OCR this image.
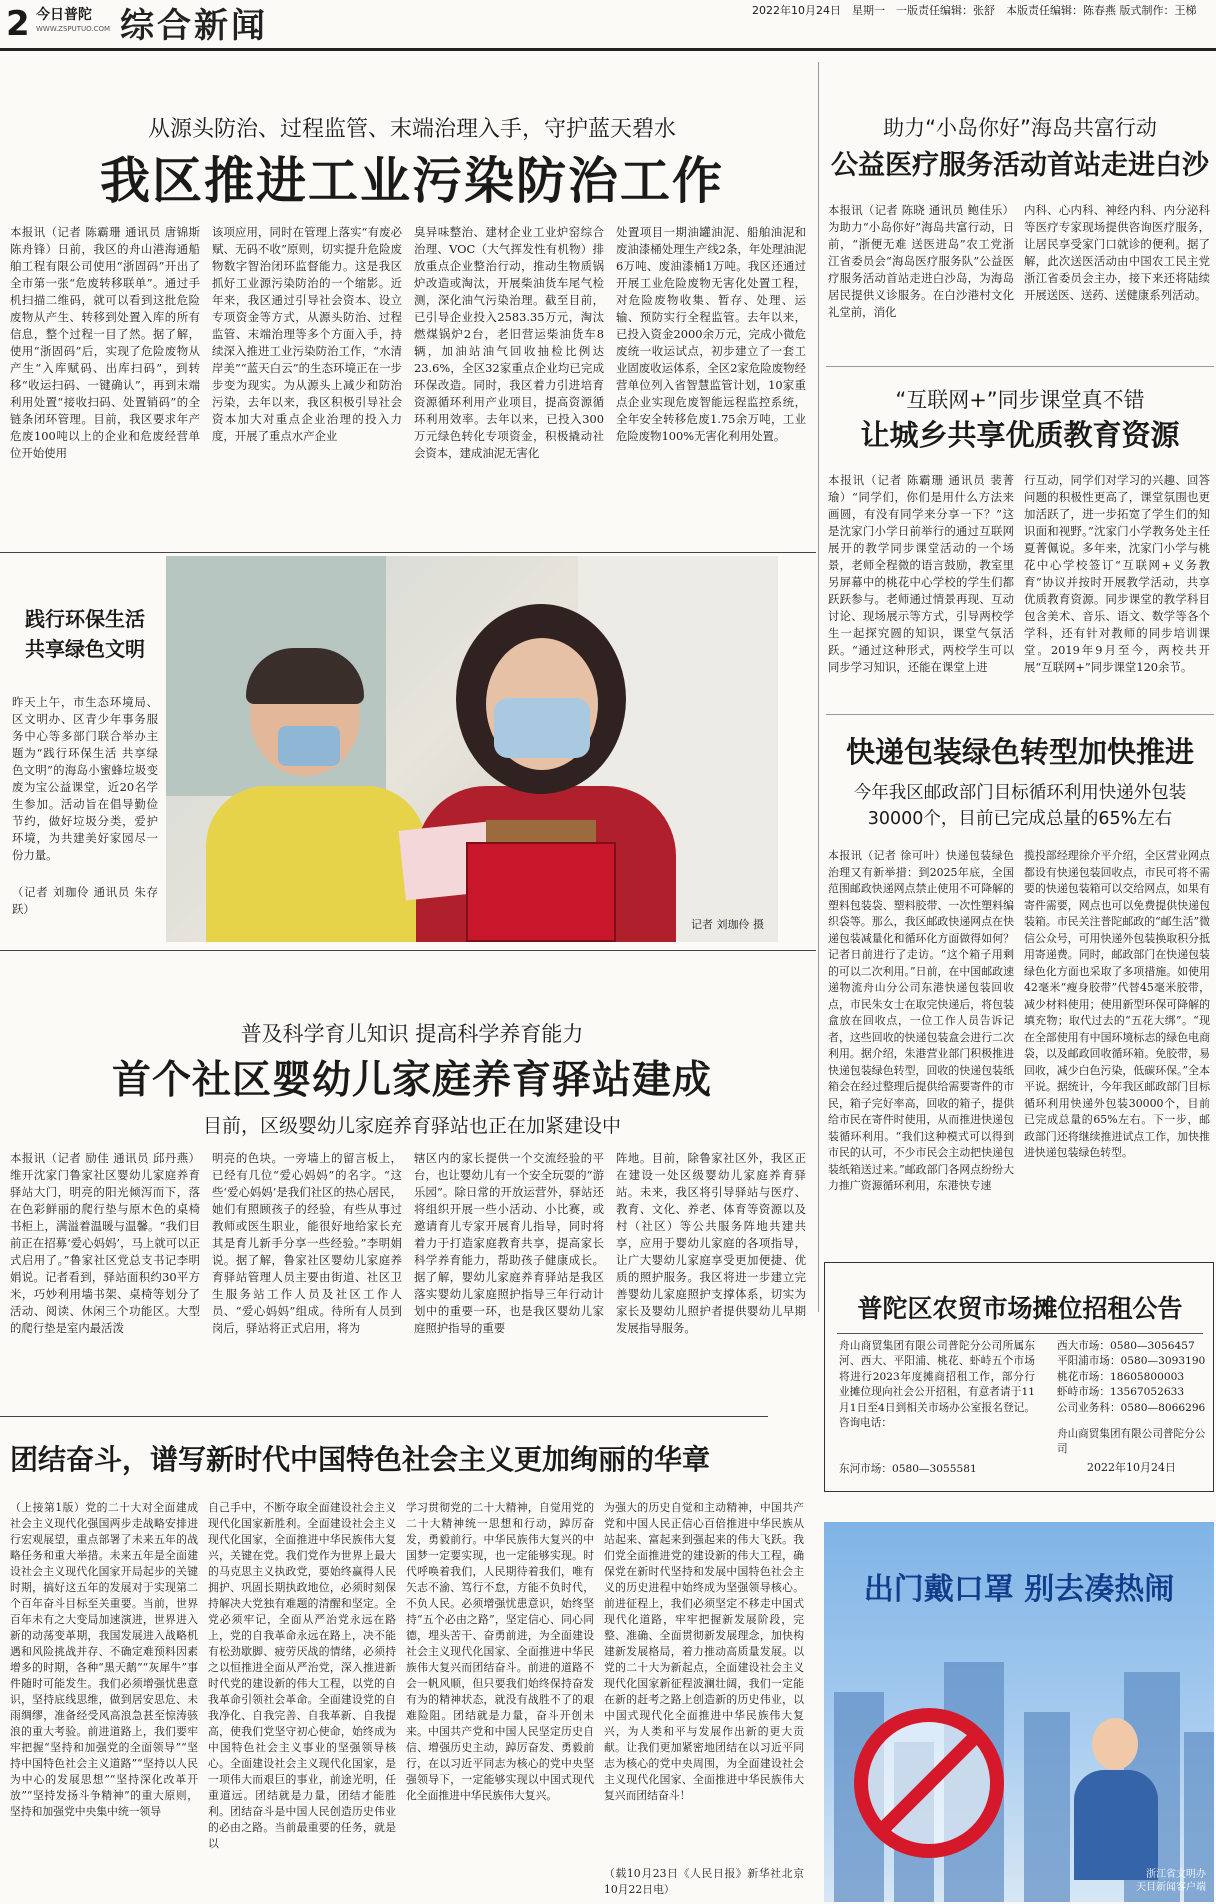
2 今日普陀
WWW.ZSPUTUO.COM 综合新闻	2022年10月24日　星期一　一版责任编辑：张舒　本版责任编辑：陈春燕 版式制作：王梯
从源头防治、过程监管、末端治理入手，守护蓝天碧水
我区推进工业污染防治工作
本报讯（记者 陈霸珊 通讯员 唐锦斯 陈舟锋）日前，我区的舟山港海通船舶工程有限公司使用“浙固码”开出了全市第一张“危废转移联单”。通过手机扫描二维码，就可以看到这批危险废物从产生、转移到处置入库的所有信息，整个过程一目了然。据了解，使用“浙固码”后，实现了危险废物从产生“入库赋码、出库扫码”，到转移“收运扫码、一键确认”，再到末端利用处置“接收扫码、处置销码”的全链条闭环管理。目前，我区要求年产危废100吨以上的企业和危废经营单位开始使用
该项应用，同时在管理上落实“有废必赋、无码不收”原则，切实提升危险废物数字智治闭环监督能力。这是我区抓好工业源污染防治的一个缩影。近年来，我区通过引导社会资本、设立专项资金等方式，从源头防治、过程监管、末端治理等多个方面入手，持续深入推进工业污染防治工作，“水清岸美”“蓝天白云”的生态环境正在一步步变为现实。为从源头上减少和防治污染，去年以来，我区积极引导社会资本加大对重点企业治理的投入力度，开展了重点水产企业
臭异味整治、建材企业工业炉窑综合治理、VOC（大气挥发性有机物）排放重点企业整治行动，推动生物质锅炉改造或淘汰，开展柴油货车尾气检测，深化油气污染治理。截至目前，已引导企业投入2583.35万元，淘汰燃煤锅炉2台，老旧营运柴油货车8辆，加油站油气回收抽检比例达23.6%，全区32家重点企业均已完成环保改造。同时，我区着力引进培育资源循环利用产业项目，提高资源循环利用效率。去年以来，已投入300万元绿色转化专项资金，积极撬动社会资本，建成油泥无害化
处置项目一期油罐油泥、船舶油泥和废油漆桶处理生产线2条，年处理油泥6万吨、废油漆桶1万吨。我区还通过开展工业危险废物无害化处置工程，对危险废物收集、暂存、处理、运输、预防实行全程监管。去年以来，已投入资金2000余万元，完成小微危废统一收运试点，初步建立了一套工业固废收运体系，全区2家危险废物经营单位列入省智慧监管计划，10家重点企业实现危废智能远程监控系统，全年安全转移危废1.75余万吨，工业危险废物100%无害化利用处置。
助力“小岛你好”海岛共富行动
公益医疗服务活动首站走进白沙
本报讯（记者 陈晓 通讯员 鲍佳乐）为助力“小岛你好”海岛共富行动，日前，“浙便无难 送医进岛”农工党浙江省委员会“海岛医疗服务队”公益医疗服务活动首站走进白沙岛，为海岛居民提供义诊服务。在白沙港村文化礼堂前，消化
内科、心内科、神经内科、内分泌科等医疗专家现场提供咨询医疗服务，让居民享受家门口就诊的便利。据了解，此次送医活动由中国农工民主党浙江省委员会主办，接下来还将陆续开展送医、送药、送健康系列活动。
“互联网+”同步课堂真不错
让城乡共享优质教育资源
本报讯（记者 陈霸珊 通讯员 裴菁瑜）“同学们，你们是用什么方法来画圆，有没有同学来分享一下？”这是沈家门小学日前举行的通过互联网展开的教学同步课堂活动的一个场景，老师全程微的语言鼓励，教室里另屏幕中的桃花中心学校的学生们都跃跃参与。老师通过情景再现、互动讨论、现场展示等方式，引导两校学生一起探究圆的知识，课堂气氛活跃。“通过这种形式，两校学生可以同步学习知识，还能在课堂上进
行互动，同学们对学习的兴趣、回答问题的积极性更高了，课堂氛围也更加活跃了，进一步拓宽了学生们的知识面和视野。”沈家门小学教务处主任夏菁佩说。多年来，沈家门小学与桃花中心学校签订“互联网+义务教育”协议并按时开展教学活动，共享优质教育资源。同步课堂的教学科目包含美术、音乐、语文、数学等各个学科，还有针对教师的同步培训课堂。2019年9月至今，两校共开展“互联网+”同步课堂120余节。
快递包装绿色转型加快推进
今年我区邮政部门目标循环利用快递外包装30000个，目前已完成总量的65%左右
本报讯（记者 徐可叶）快递包装绿色治理又有新举措：到2025年底，全国范围邮政快递网点禁止使用不可降解的塑料包装袋、塑料胶带、一次性塑料编织袋等。那么，我区邮政快递网点在快递包装减量化和循环化方面做得如何？记者日前进行了走访。“这个箱子用剩的可以二次利用。”日前，在中国邮政速递物流舟山分公司东港快递包装回收点，市民朱女士在取完快递后，将包装盒放在回收点，一位工作人员告诉记者，这些回收的快递包装盒会进行二次利用。据介绍，朱港营业部门积极推进快递包装绿色转型，回收的快递包装纸箱会在经过整理后提供给需要寄件的市民，箱子完好率高，回收的箱子，提供给市民在寄件时使用，从而推进快递包装循环利用。“我们这种模式可以得到市民的认可，不少市民会主动把快递包装纸箱送过来。”邮政部门各网点纷纷大力推广资源循环利用，东港快专速
揽投部经理徐介平介绍，全区营业网点都设有快递包装回收点，市民可将不需要的快递包装箱可以交给网点，如果有寄件需要，网点也可以免费提供快递包装箱。市民关注普陀邮政的“邮生活”微信公众号，可用快递外包装换取积分抵用寄递费。同时，邮政部门在快递包装绿色化方面也采取了多项措施。如使用42毫米“瘦身胶带”代替45毫米胶带，减少材料使用；使用新型环保可降解的填充物；取代过去的“五花大绑”。“现在全部使用有中国环境标志的绿色电商袋，以及邮政回收循环箱。免胶带，易回收，减少白色污染，低碳环保。”全本平说。据统计，今年我区邮政部门目标循环利用快递外包装30000个，目前已完成总量的65%左右。下一步，邮政部门还将继续推进试点工作，加快推进快递包装绿色转型。
践行环保生活
共享绿色文明
昨天上午，市生态环境局、区文明办、区青少年事务服务中心等多部门联合举办主题为“践行环保生活 共享绿色文明”的海岛小蜜蜂垃圾变废为宝公益课堂，近20名学生参加。活动旨在倡导勤俭节约，做好垃圾分类，爱护环境，为共建美好家园尽一份力量。
（记者 刘珈伶 通讯员 朱存跃）
记者 刘珈伶 摄
普及科学育儿知识 提高科学养育能力
首个社区婴幼儿家庭养育驿站建成
目前，区级婴幼儿家庭养育驿站也正在加紧建设中
本报讯（记者 励佳 通讯员 邱丹燕）维开沈家门鲁家社区婴幼儿家庭养育驿站大门，明亮的阳光倾泻而下，落在色彩鲜丽的爬行垫与原木色的桌椅书柜上，满溢着温暖与温馨。“我们目前正在招募‘爱心妈妈’，马上就可以正式启用了。”鲁家社区党总支书记李明娟说。记者看到，驿站面积约30平方米，巧妙利用墙书架、桌椅等划分了活动、阅读、休闲三个功能区。大型的爬行垫是室内最活泼
明亮的色块。一旁墙上的留言板上，已经有几位“爱心妈妈”的名字。“这些‘爱心妈妈’是我们社区的热心居民，她们有照顾孩子的经验，有些从事过教师或医生职业，能很好地给家长充其是育儿新手分享一些经验。”李明娟说。据了解，鲁家社区婴幼儿家庭养育驿站管理人员主要由街道、社区卫生服务站工作人员及社区工作人员、“爱心妈妈”组成。待所有人员到岗后，驿站将正式启用，将为
辖区内的家长提供一个交流经验的平台，也让婴幼儿有一个安全玩耍的“游乐园”。除日常的开放运营外，驿站还将组织开展一些小活动、小比赛，或邀请育儿专家开展育儿指导，同时将着力于打造家庭教育共享，提高家长科学养育能力，帮助孩子健康成长。据了解，婴幼儿家庭养育驿站是我区落实婴幼儿家庭照护指导三年行动计划中的重要一环，也是我区婴幼儿家庭照护指导的重要
阵地。目前，除鲁家社区外，我区正在建设一处区级婴幼儿家庭养育驿站。未来，我区将引导驿站与医疗、教育、文化、养老、体育等资源以及村（社区）等公共服务阵地共建共享，应用于婴幼儿家庭的各项指导，让广大婴幼儿家庭享受更加便捷、优质的照护服务。我区将进一步建立完善婴幼儿家庭照护支撑体系，切实为家长及婴幼儿照护者提供婴幼儿早期发展指导服务。
团结奋斗，谱写新时代中国特色社会主义更加绚丽的华章
（上接第1版）党的二十大对全面建成社会主义现代化强国两步走战略安排进行宏观展望，重点部署了未来五年的战略任务和重大举措。未来五年是全面建设社会主义现代化国家开局起步的关键时期，搞好这五年的发展对于实现第二个百年奋斗目标至关重要。当前，世界百年未有之大变局加速演进，世界进入新的动荡变革期，我国发展进入战略机遇和风险挑战并存、不确定难预料因素增多的时期，各种“黑天鹅”“灰犀牛”事件随时可能发生。我们必须增强忧患意识，坚持底线思维，做到居安思危、未雨绸缪，准备经受风高浪急甚至惊涛骇浪的重大考验。前进道路上，我们要牢牢把握“坚持和加强党的全面领导”“坚持中国特色社会主义道路”“坚持以人民为中心的发展思想”“坚持深化改革开放”“坚持发扬斗争精神”的重大原则，坚持和加强党中央集中统一领导
自己手中，不断夺取全面建设社会主义现代化国家新胜利。全面建设社会主义现代化国家，全面推进中华民族伟大复兴，关键在党。我们党作为世界上最大的马克思主义执政党，要始终赢得人民拥护、巩固长期执政地位，必须时刻保持解决大党独有难题的清醒和坚定。全党必须牢记，全面从严治党永远在路上，党的自我革命永远在路上，决不能有松劲歇脚、疲劳厌战的情绪，必须持之以恒推进全面从严治党，深入推进新时代党的建设新的伟大工程，以党的自我革命引领社会革命。全面建设党的自我净化、自我完善、自我革新、自我提高，使我们党坚守初心使命，始终成为中国特色社会主义事业的坚强领导核心。全面建设社会主义现代化国家，是一项伟大而艰巨的事业，前途光明，任重道远。团结就是力量，团结才能胜利。团结奋斗是中国人民创造历史伟业的必由之路。当前最重要的任务，就是以
学习贯彻党的二十大精神，自觉用党的二十大精神统一思想和行动，踔厉奋发，勇毅前行。中华民族伟大复兴的中国梦一定要实现，也一定能够实现。时代呼唤着我们，人民期待着我们，唯有矢志不渝、笃行不怠，方能不负时代，不负人民。必须增强忧患意识，始终坚持“五个必由之路”，坚定信心、同心同德，埋头苦干、奋勇前进，为全面建设社会主义现代化国家、全面推进中华民族伟大复兴而团结奋斗。前进的道路不会一帆风顺，但只要我们始终保持奋发有为的精神状态，就没有战胜不了的艰难险阻。团结就是力量，奋斗开创未来。中国共产党和中国人民坚定历史自信、增强历史主动，踔厉奋发、勇毅前行，在以习近平同志为核心的党中央坚强领导下，一定能够实现以中国式现代化全面推进中华民族伟大复兴。
为强大的历史自觉和主动精神，中国共产党和中国人民正信心百倍推进中华民族从站起来、富起来到强起来的伟大飞跃。我们党全面推进党的建设新的伟大工程，确保党在新时代坚持和发展中国特色社会主义的历史进程中始终成为坚强领导核心。前进征程上，我们必须坚定不移走中国式现代化道路，牢牢把握新发展阶段，完整、准确、全面贯彻新发展理念，加快构建新发展格局，着力推动高质量发展。以党的二十大为新起点，全面建设社会主义现代化国家新征程波澜壮阔，我们一定能在新的赶考之路上创造新的历史伟业，以中国式现代化全面推进中华民族伟大复兴，为人类和平与发展作出新的更大贡献。让我们更加紧密地团结在以习近平同志为核心的党中央周围，为全面建设社会主义现代化国家、全面推进中华民族伟大复兴而团结奋斗！
（载10月23日《人民日报》新华社北京10月22日电）
普陀区农贸市场摊位招租公告
舟山商贸集团有限公司普陀分公司所属东河、西大、平阳浦、桃花、虾峙五个市场将进行2023年度摊商招租工作，部分行业摊位现向社会公开招租，有意者请于11月1日至4日到相关市场办公室报名登记。咨询电话：
东河市场：0580—3055581
西大市场：0580—3056457
平阳浦市场：0580—3093190
桃花市场：18605800003
虾峙市场：13567052633
公司业务科：0580—8066296
舟山商贸集团有限公司普陀分公司
2022年10月24日
出门戴口罩 别去凑热闹
浙江省文明办
天目新闻客户端
